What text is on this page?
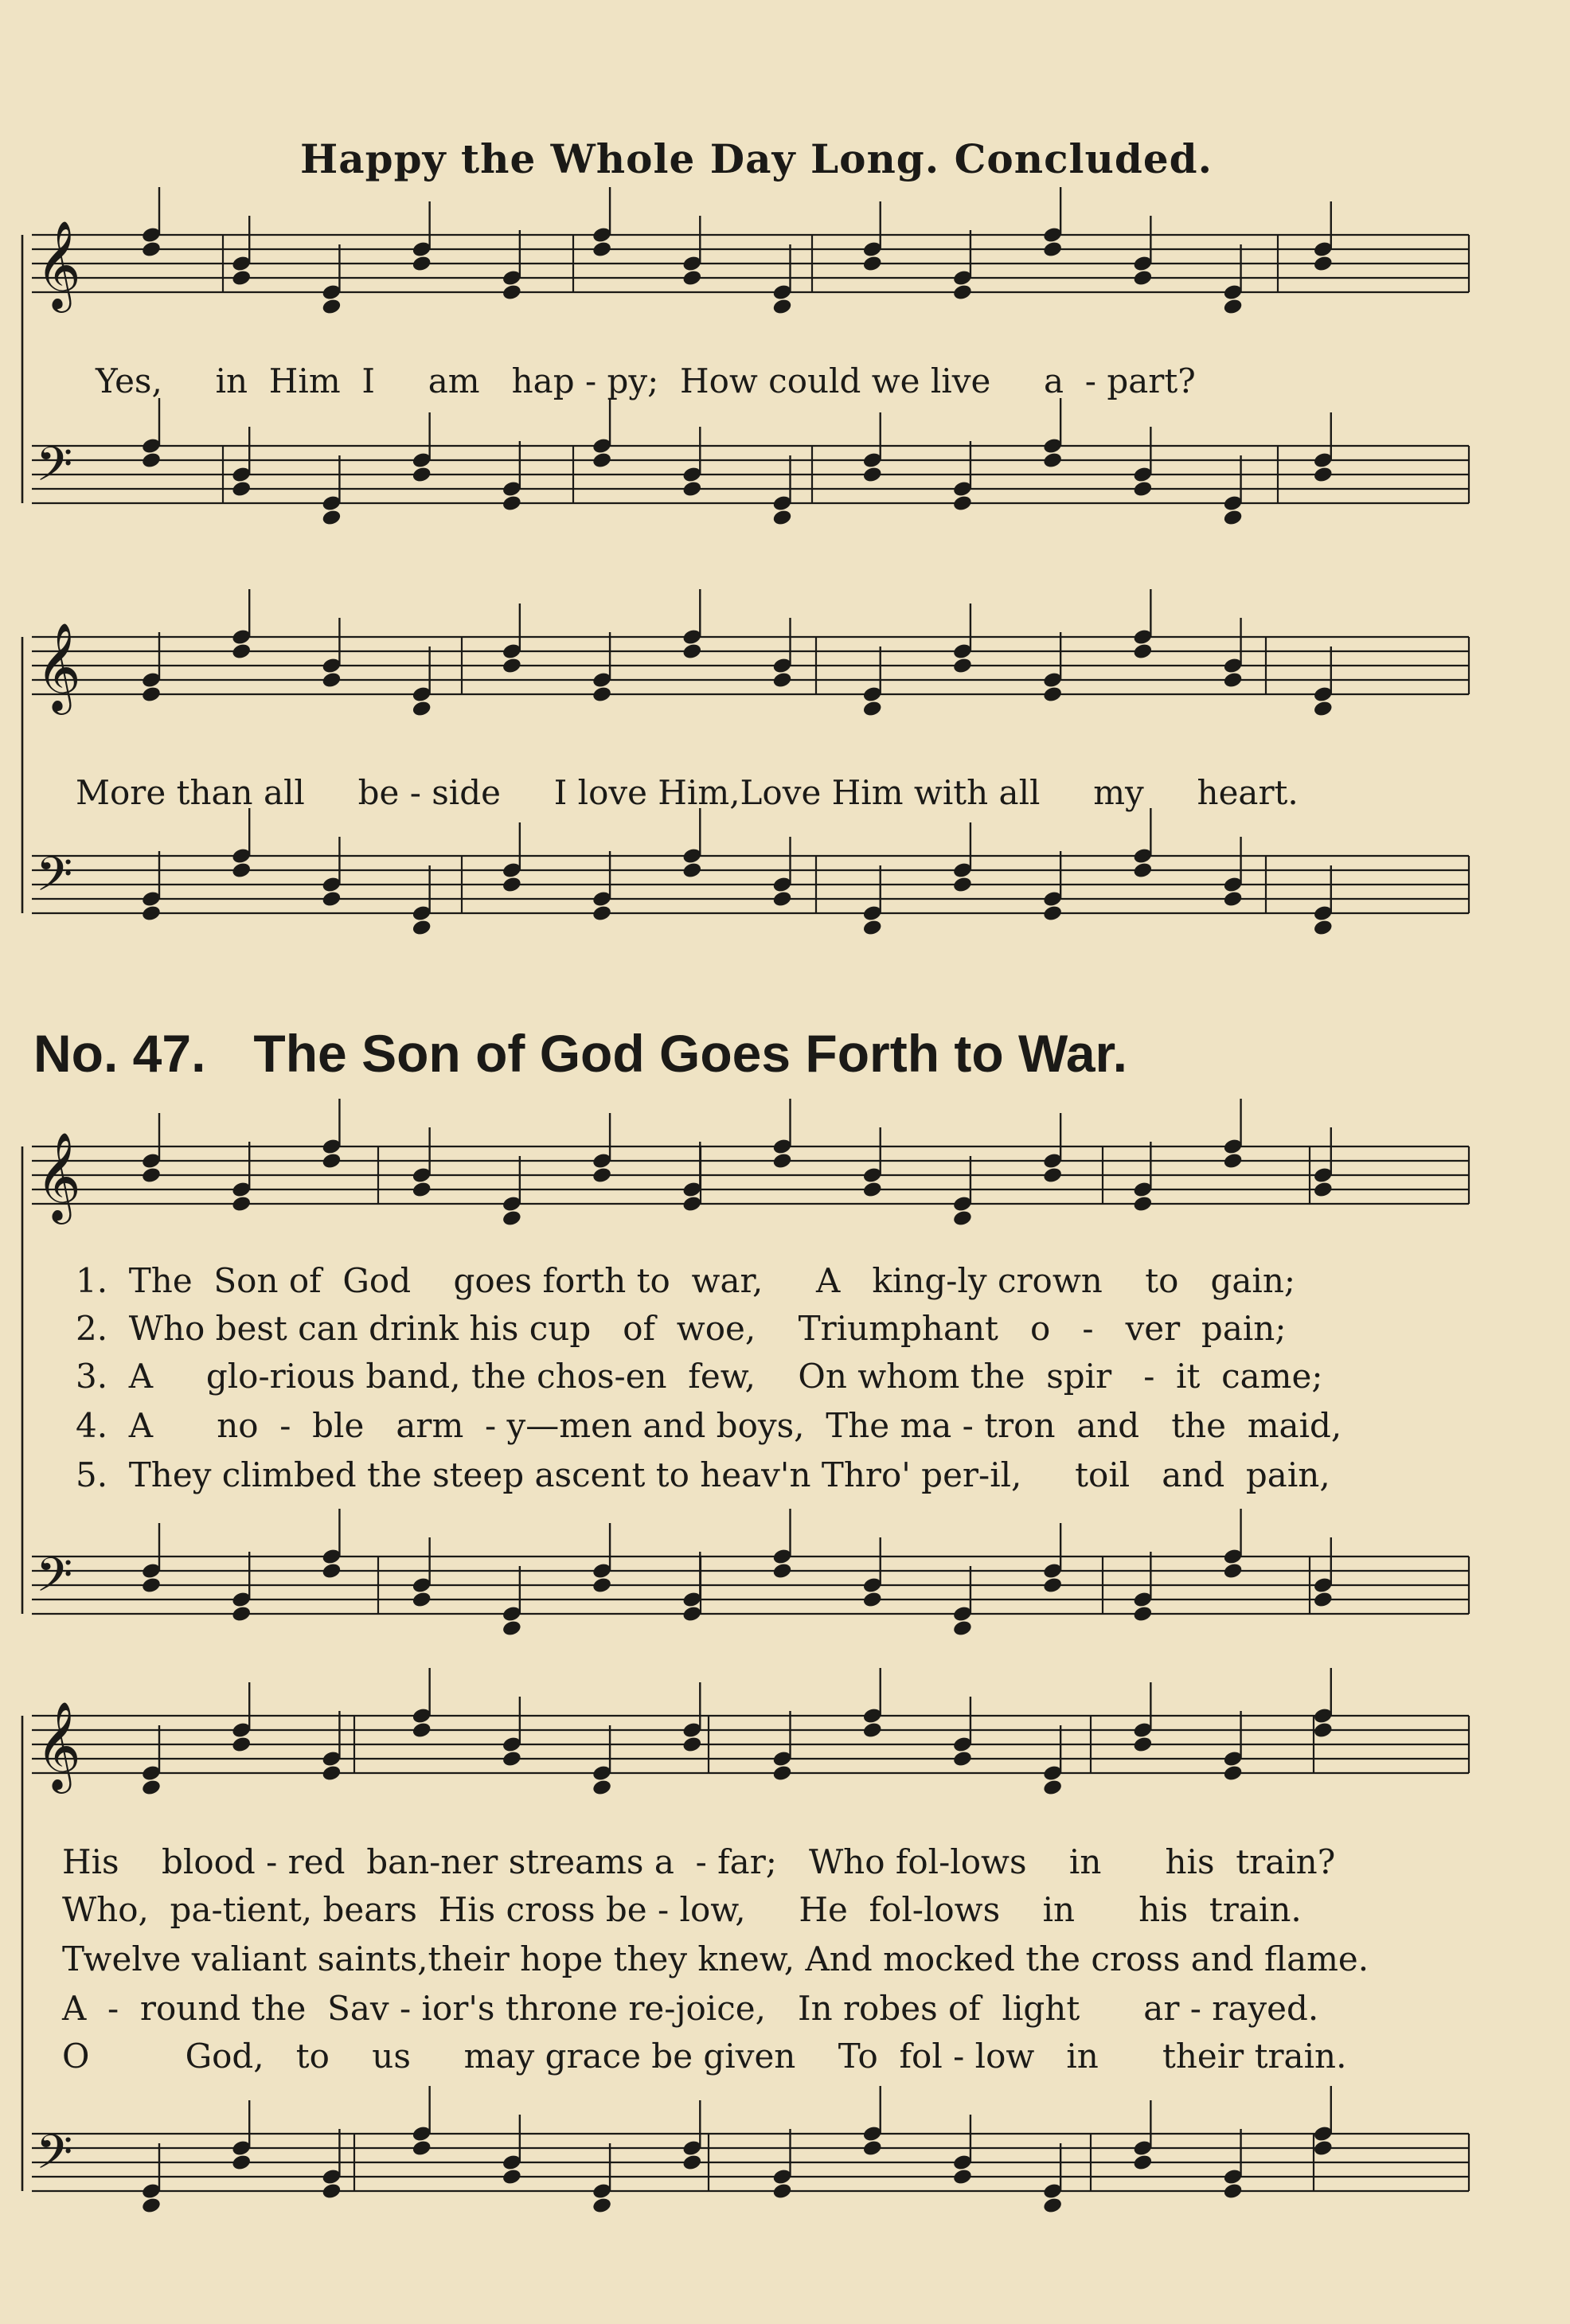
𝄞
𝄢
𝄞
𝄢
𝄞
𝄢
𝄞
𝄢
Happy the Whole Day Long. Concluded.
Yes,     in  Him  I     am   hap - py;  How could we live     a  - part?
More than all     be - side     I love Him,Love Him with all     my     heart.
No. 47. The Son of God Goes Forth to War.
1.  The  Son of  God    goes forth to  war,     A   king-ly crown    to   gain;
2.  Who best can drink his cup   of  woe,    Triumphant   o   -   ver  pain;
3.  A     glo-rious band, the chos-en  few,    On whom the  spir   -  it  came;
4.  A      no  -  ble   arm  - y—men and boys,  The ma - tron  and   the  maid,
5.  They climbed the steep ascent to heav'n Thro' per-il,     toil   and  pain,
His    blood - red  ban-ner streams a  - far;   Who fol-lows    in      his  train?
Who,  pa-tient, bears  His cross be - low,     He  fol-lows    in      his  train.
Twelve valiant saints,their hope they knew, And mocked the cross and flame.
A  -  round the  Sav - ior's throne re-joice,   In robes of  light      ar - rayed.
O         God,   to    us     may grace be given    To  fol - low   in      their train.
